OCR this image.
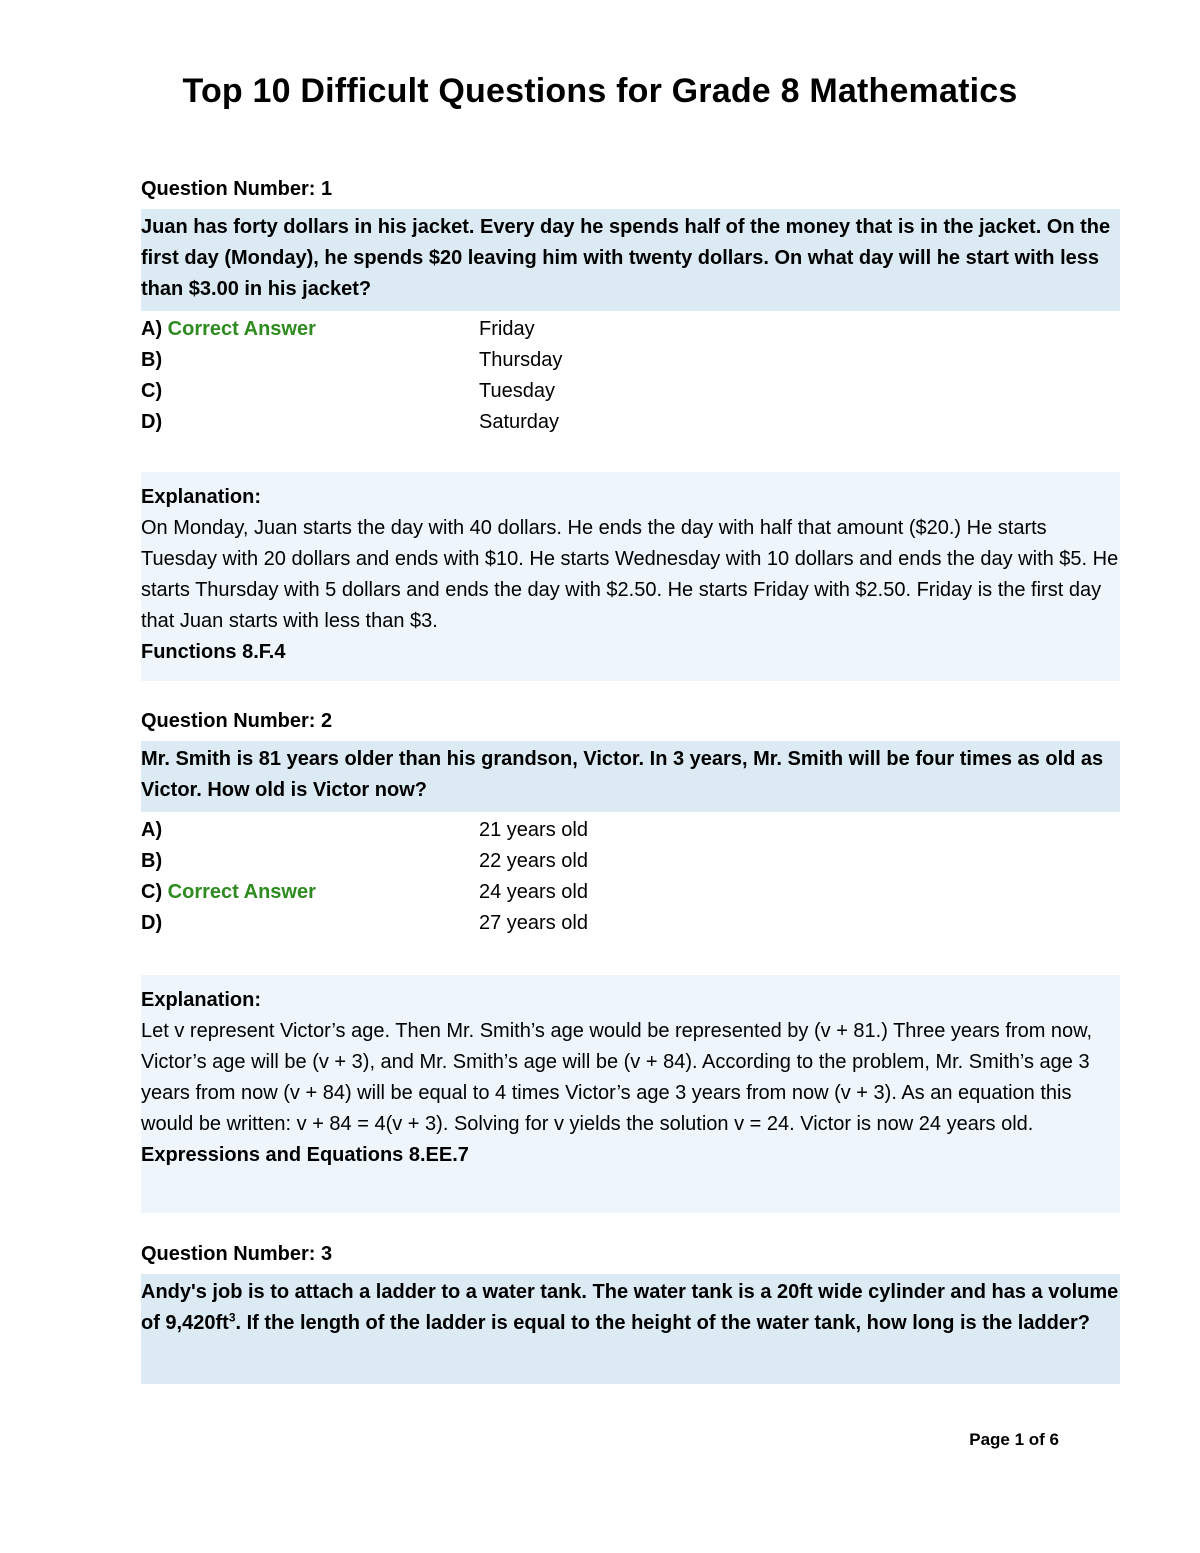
Top 10 Difficult Questions for Grade 8 Mathematics
Question Number: 1
Juan has forty dollars in his jacket. Every day he spends half of the money that is in the jacket. On the first day (Monday), he spends $20 leaving him with twenty dollars. On what day will he start with less than $3.00 in his jacket?
A) Correct Answer	Friday
B)	Thursday
C)	Tuesday
D)	Saturday
Explanation:
On Monday, Juan starts the day with 40 dollars. He ends the day with half that amount ($20.) He starts Tuesday with 20 dollars and ends with $10. He starts Wednesday with 10 dollars and ends the day with $5. He starts Thursday with 5 dollars and ends the day with $2.50. He starts Friday with $2.50. Friday is the first day that Juan starts with less than $3.
Functions 8.F.4
Question Number: 2
Mr. Smith is 81 years older than his grandson, Victor. In 3 years, Mr. Smith will be four times as old as Victor. How old is Victor now?
A)	21 years old
B)	22 years old
C) Correct Answer	24 years old
D)	27 years old
Explanation:
Let v represent Victor’s age. Then Mr. Smith’s age would be represented by (v + 81.) Three years from now, Victor’s age will be (v + 3), and Mr. Smith’s age will be (v + 84). According to the problem, Mr. Smith’s age 3 years from now (v + 84) will be equal to 4 times Victor’s age 3 years from now (v + 3). As an equation this would be written: v + 84 = 4(v + 3). Solving for v yields the solution v = 24. Victor is now 24 years old.
Expressions and Equations 8.EE.7
Question Number: 3
Andy's job is to attach a ladder to a water tank. The water tank is a 20ft wide cylinder and has a volume of $9,420ft^3$. If the length of the ladder is equal to the height of the water tank, how long is the ladder?
Page 1 of 6
